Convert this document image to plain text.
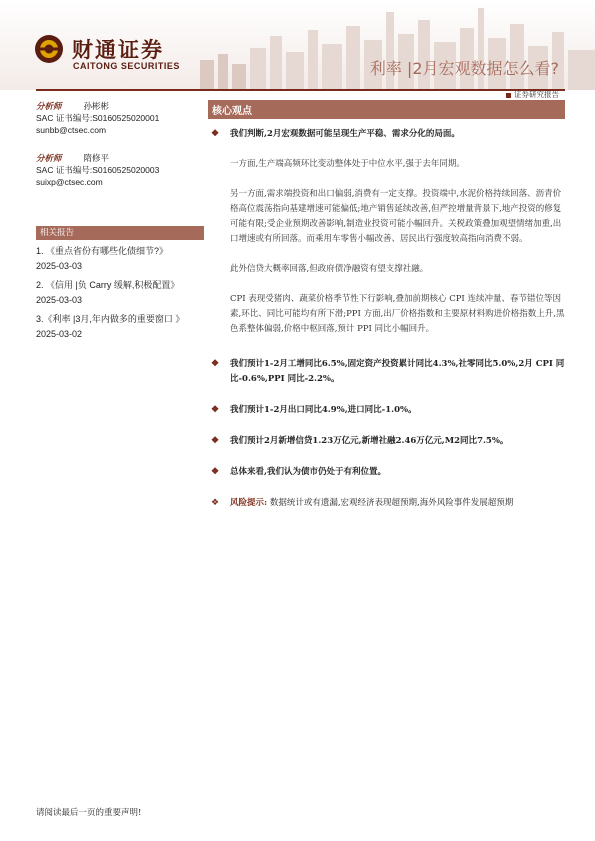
财通证券
CAITONG SECURITIES	利率 |2月宏观数据怎么看?
证券研究报告
分析师	孙彬彬
SAC 证书编号:S0160525020001
sunbb@ctsec.com
分析师	隋修平
SAC 证书编号:S0160525020003
suixp@ctsec.com
相关报告
1. 《重点省份有哪些化债细节?》
2025-03-03
2. 《信用 |负 Carry 缓解,积极配置》
2025-03-03
3.《利率 |3月,年内做多的重要窗口 》
2025-03-02
核心观点
❖ 我们判断,2月宏观数据可能呈现生产平稳、需求分化的局面。
一方面,生产端高频环比变动整体处于中位水平,强于去年同期。
另一方面,需求端投资和出口偏弱,消费有一定支撑。投资端中,水泥价格持续回落、沥青价格高位震荡指向基建增速可能偏低;地产销售延续改善,但严控增量背景下,地产投资的修复可能有限;受企业预期改善影响,制造业投资可能小幅回升。关税政策叠加观望情绪加重,出口增速或有所回落。而乘用车零售小幅改善、居民出行强度较高指向消费不弱。
此外信贷大概率回落,但政府债净融资有望支撑社融。
CPI 表现受猪肉、蔬菜价格季节性下行影响,叠加前期核心 CPI 连续冲量、春节错位等因素,环比、同比可能均有所下滑;PPI 方面,出厂价格指数和主要原材料购进价格指数上升,黑色系整体偏弱,价格中枢回落,预计 PPI 同比小幅回升。
❖ 我们预计1-2月工增同比6.5%,固定资产投资累计同比4.3%,社零同比5.0%,2月 CPI 同比-0.6%,PPI 同比-2.2%。
❖ 我们预计1-2月出口同比4.9%,进口同比-1.0%。
❖ 我们预计2月新增信贷1.23万亿元,新增社融2.46万亿元,M2同比7.5%。
❖ 总体来看,我们认为债市仍处于有利位置。
❖ 风险提示: 数据统计或有遗漏,宏观经济表现超预期,海外风险事件发展超预期
请阅读最后一页的重要声明!
